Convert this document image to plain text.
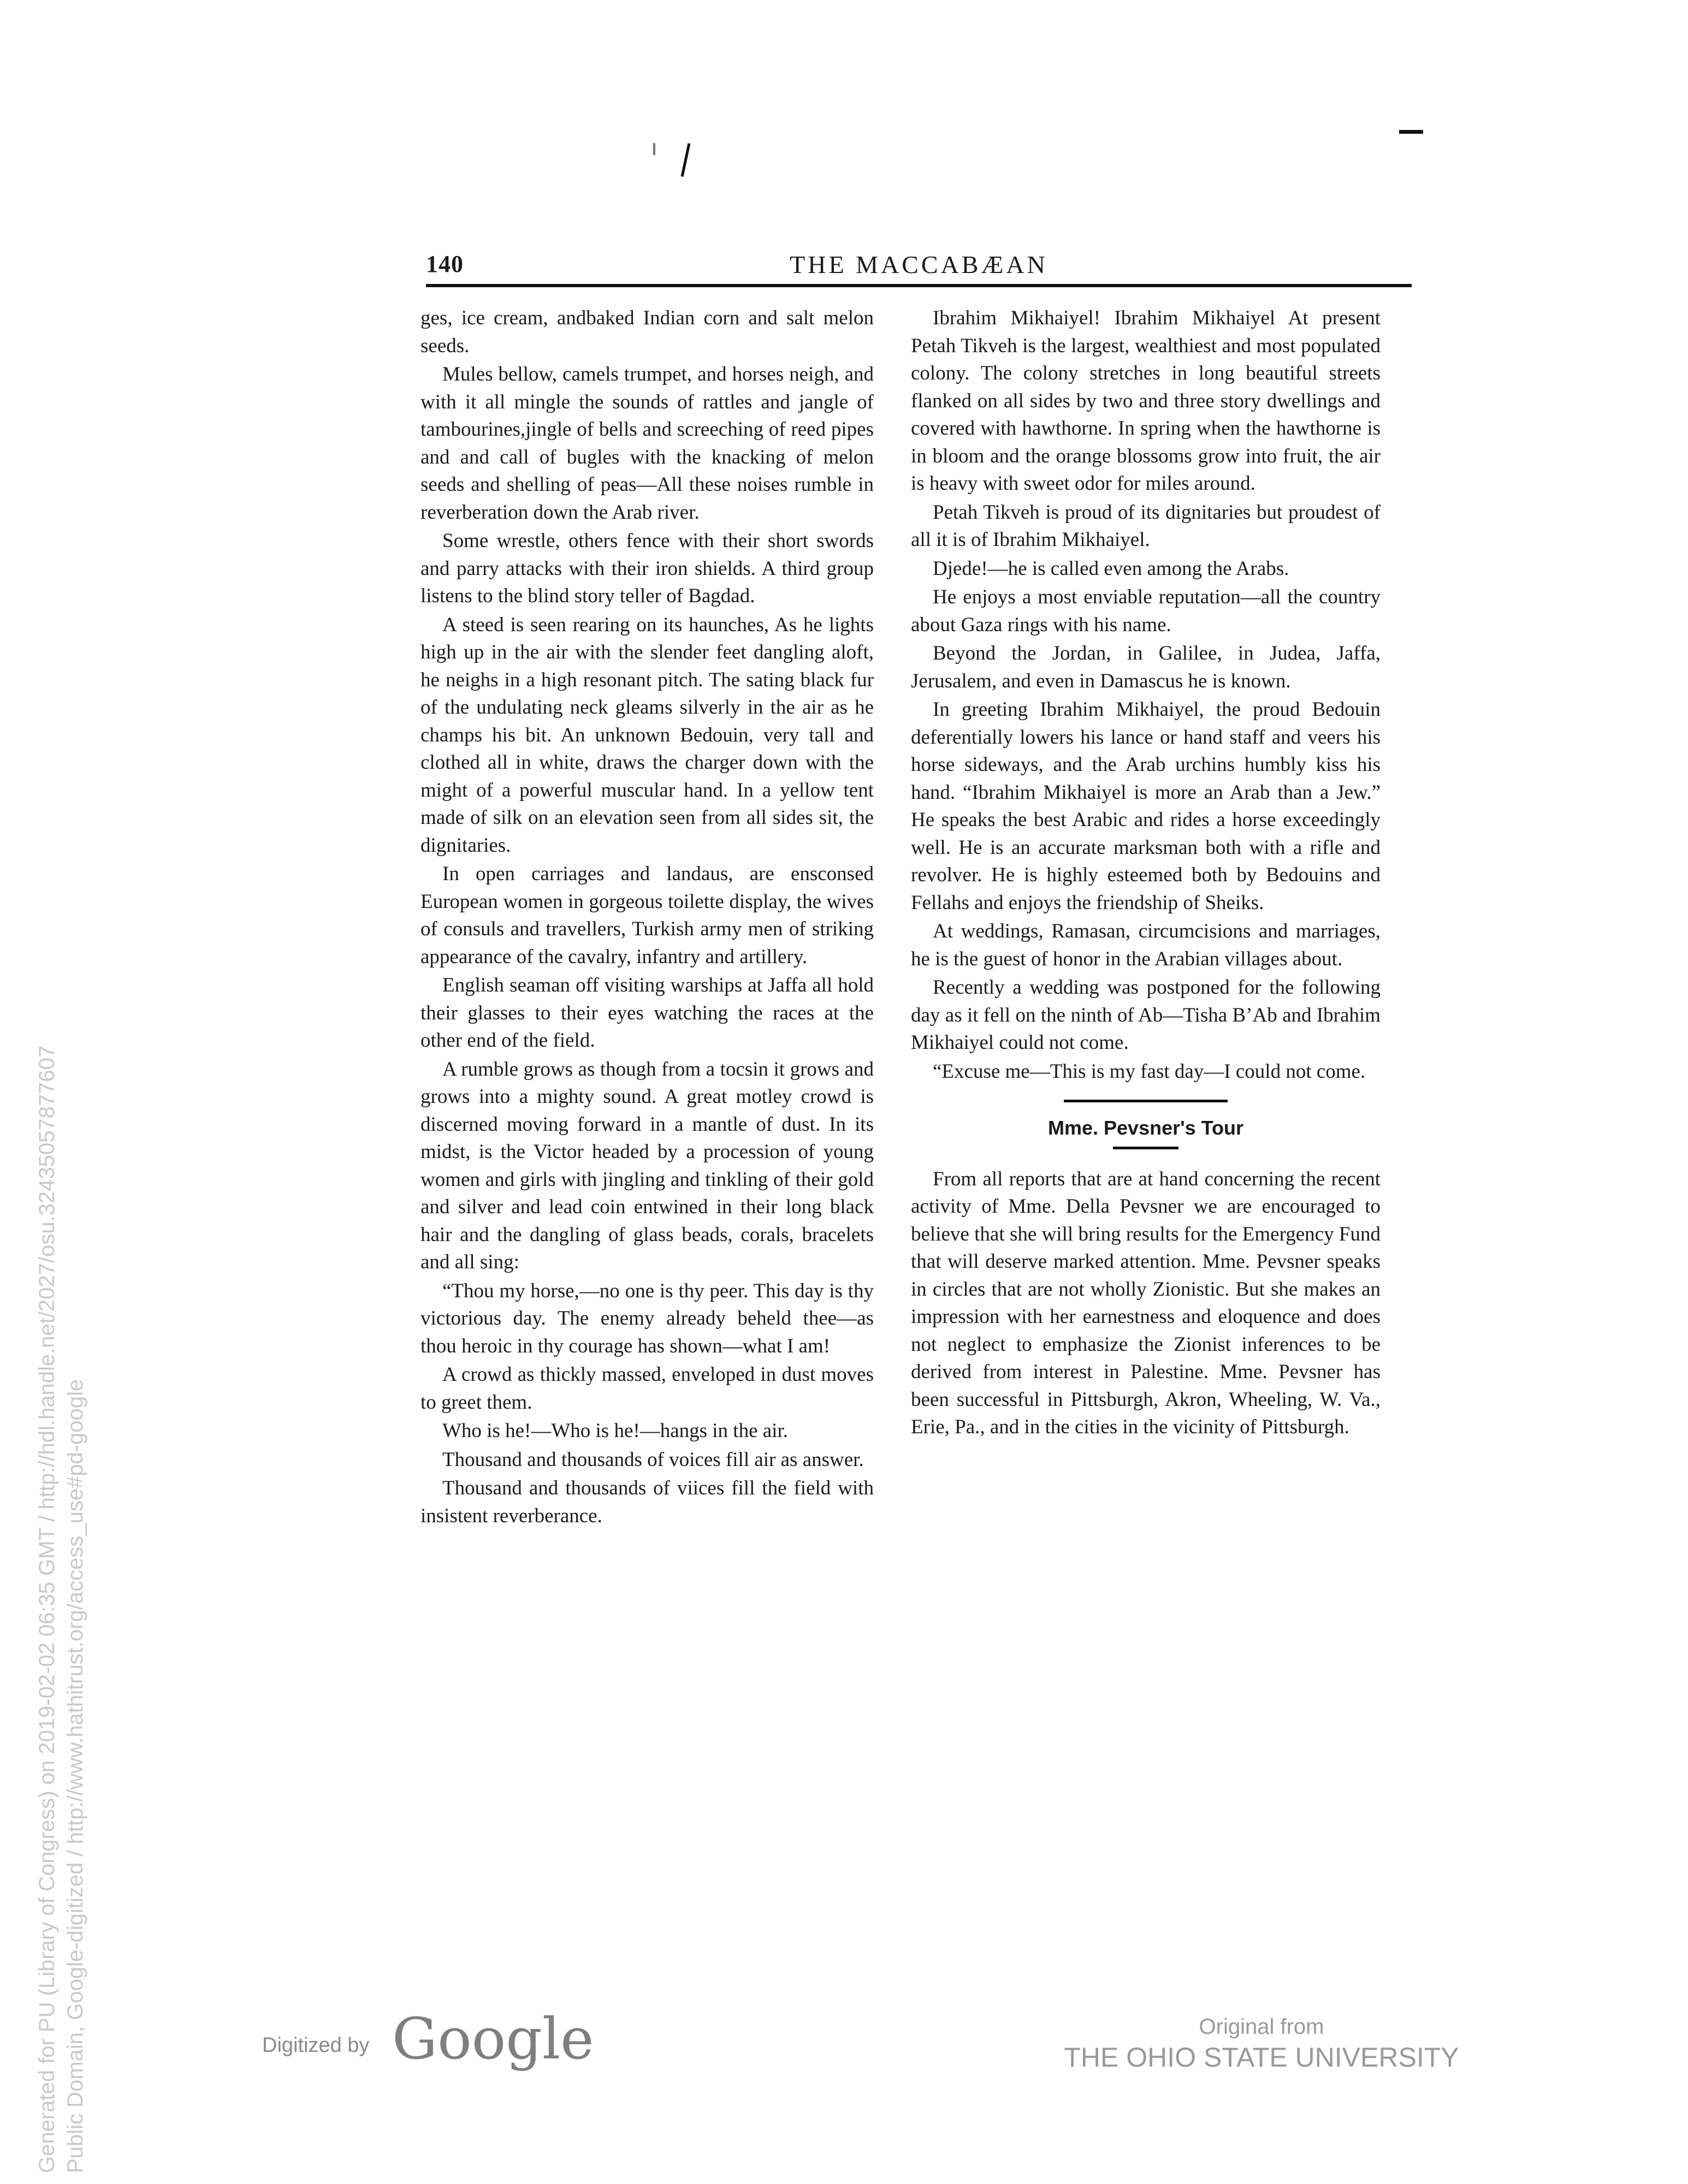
Generated for PU (Library of Congress) on 2019-02-02 06:35 GMT / http://hdl.handle.net/2027/osu.32435057877607 Public Domain, Google-digitized / http://www.hathitrust.org/access_use#pd-google
140	THE MACCABÆAN

ges, ice cream, andbaked Indian corn and salt melon seeds.

Mules bellow, camels trumpet, and horses neigh, and with it all mingle the sounds of rattles and jangle of tambourines,jingle of bells and screeching of reed pipes and and call of bugles with the knacking of melon seeds and shelling of peas—All these noises rumble in reverberation down the Arab river.

Some wrestle, others fence with their short swords and parry attacks with their iron shields. A third group listens to the blind story teller of Bagdad.

A steed is seen rearing on its haunches, As he lights high up in the air with the slender feet dangling aloft, he neighs in a high resonant pitch. The sating black fur of the undulating neck gleams silverly in the air as he champs his bit. An unknown Bedouin, very tall and clothed all in white, draws the charger down with the might of a powerful muscular hand. In a yellow tent made of silk on an elevation seen from all sides sit, the dignitaries.

In open carriages and landaus, are ensconsed European women in gorgeous toilette display, the wives of consuls and travellers, Turkish army men of striking appearance of the cavalry, infantry and artillery.

English seaman off visiting warships at Jaffa all hold their glasses to their eyes watching the races at the other end of the field.

A rumble grows as though from a tocsin it grows and grows into a mighty sound. A great motley crowd is discerned moving forward in a mantle of dust. In its midst, is the Victor headed by a procession of young women and girls with jingling and tinkling of their gold and silver and lead coin entwined in their long black hair and the dangling of glass beads, corals, bracelets and all sing:

“Thou my horse,—no one is thy peer. This day is thy victorious day. The enemy already beheld thee—as thou heroic in thy courage has shown—what I am!

A crowd as thickly massed, enveloped in dust moves to greet them.

Who is he!—Who is he!—hangs in the air.

Thousand and thousands of voices fill air as answer.

Thousand and thousands of viices fill the field with insistent reverberance.

Ibrahim Mikhaiyel! Ibrahim Mikhaiyel At present Petah Tikveh is the largest, wealthiest and most populated colony. The colony stretches in long beautiful streets flanked on all sides by two and three story dwellings and covered with hawthorne. In spring when the hawthorne is in bloom and the orange blossoms grow into fruit, the air is heavy with sweet odor for miles around.

Petah Tikveh is proud of its dignitaries but proudest of all it is of Ibrahim Mikhaiyel.

Djede!—he is called even among the Arabs.

He enjoys a most enviable reputation—all the country about Gaza rings with his name.

Beyond the Jordan, in Galilee, in Judea, Jaffa, Jerusalem, and even in Damascus he is known.

In greeting Ibrahim Mikhaiyel, the proud Bedouin deferentially lowers his lance or hand staff and veers his horse sideways, and the Arab urchins humbly kiss his hand. “Ibrahim Mikhaiyel is more an Arab than a Jew.” He speaks the best Arabic and rides a horse exceedingly well. He is an accurate marksman both with a rifle and revolver. He is highly esteemed both by Bedouins and Fellahs and enjoys the friendship of Sheiks.

At weddings, Ramasan, circumcisions and marriages, he is the guest of honor in the Arabian villages about.

Recently a wedding was postponed for the following day as it fell on the ninth of Ab—Tisha B’Ab and Ibrahim Mikhaiyel could not come.

“Excuse me—This is my fast day—I could not come.

Mme. Pevsner's Tour

From all reports that are at hand concerning the recent activity of Mme. Della Pevsner we are encouraged to believe that she will bring results for the Emergency Fund that will deserve marked attention. Mme. Pevsner speaks in circles that are not wholly Zionistic. But she makes an impression with her earnestness and eloquence and does not neglect to emphasize the Zionist inferences to be derived from interest in Palestine. Mme. Pevsner has been successful in Pittsburgh, Akron, Wheeling, W. Va., Erie, Pa., and in the cities in the vicinity of Pittsburgh.

Digitized by Google	Original from
THE OHIO STATE UNIVERSITY
